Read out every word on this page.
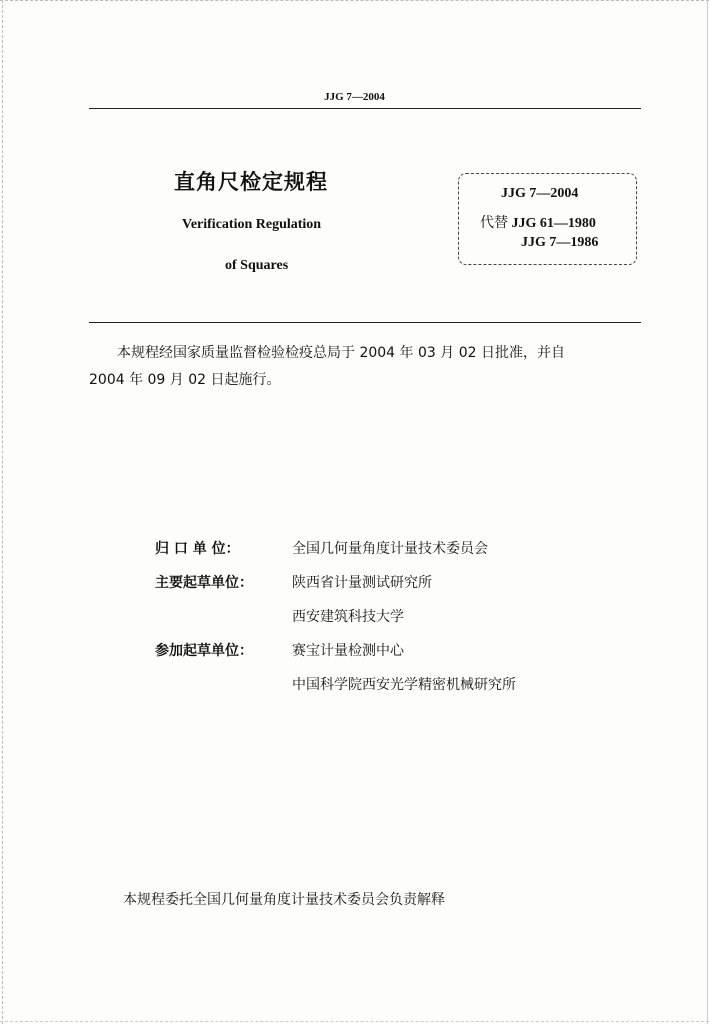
JJG 7—2004
直角尺检定规程
Verification Regulation
of Squares
JJG 7—2004
代替 JJG 61—1980
JJG 7—1986
本规程经国家质量监督检验检疫总局于 2004 年 03 月 02 日批准，并自
2004 年 09 月 02 日起施行。
归 口 单 位：	全国几何量角度计量技术委员会
主要起草单位：	陕西省计量测试研究所
西安建筑科技大学
参加起草单位：	赛宝计量检测中心
中国科学院西安光学精密机械研究所
本规程委托全国几何量角度计量技术委员会负责解释
